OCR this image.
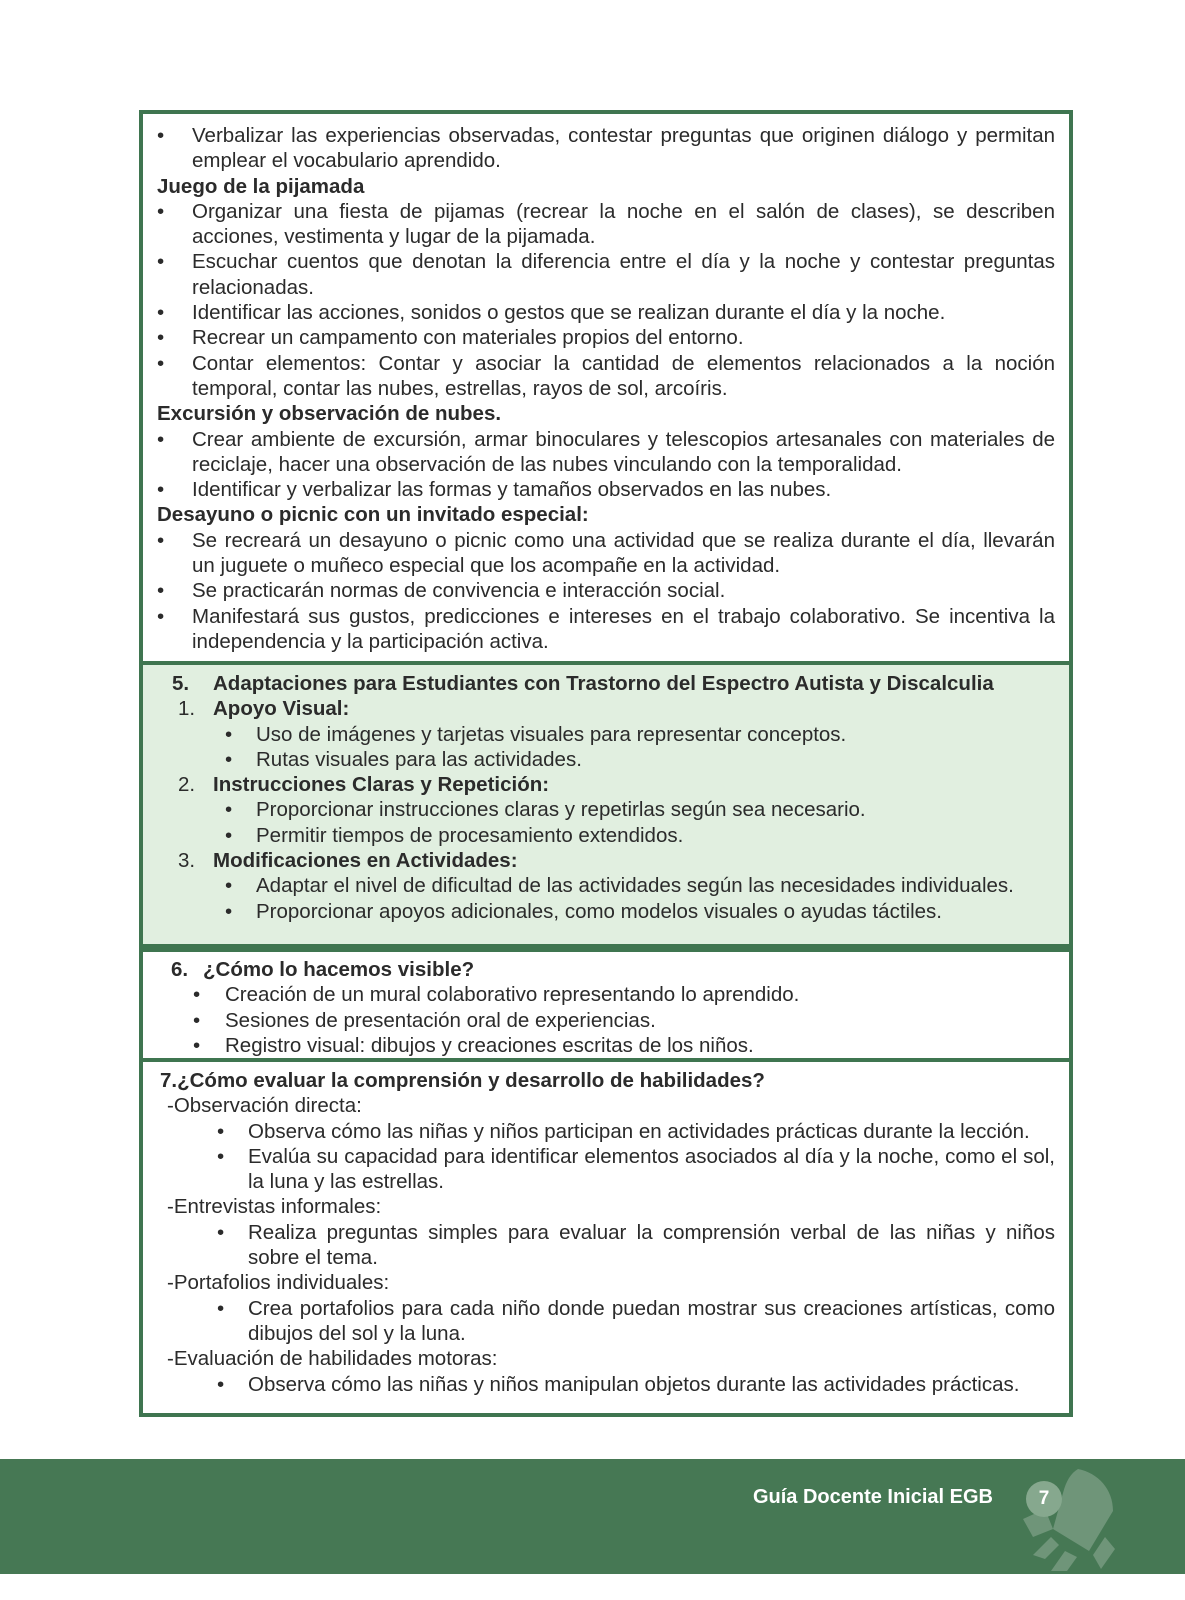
•	Verbalizar las experiencias observadas, contestar preguntas que originen diálogo y permitan emplear el vocabulario aprendido.
Juego de la pijamada
•	Organizar una fiesta de pijamas (recrear la noche en el salón de clases), se describen acciones, vestimenta y lugar de la pijamada.
•	Escuchar cuentos que denotan la diferencia entre el día y la noche y contestar preguntas relacionadas.
•	Identificar las acciones, sonidos o gestos que se realizan durante el día y la noche.
•	Recrear un campamento con materiales propios del entorno.
•	Contar elementos: Contar y asociar la cantidad de elementos relacionados a la noción temporal, contar las nubes, estrellas, rayos de sol, arcoíris.
Excursión y observación de nubes.
•	Crear ambiente de excursión, armar binoculares y telescopios artesanales con materiales de reciclaje, hacer una observación de las nubes vinculando con la temporalidad.
•	Identificar y verbalizar las formas y tamaños observados en las nubes.
Desayuno o picnic con un invitado especial:
•	Se recreará un desayuno o picnic como una actividad que se realiza durante el día, llevarán un juguete o muñeco especial que los acompañe en la actividad.
•	Se practicarán normas de convivencia e interacción social.
•	Manifestará sus gustos, predicciones e intereses en el trabajo colaborativo. Se incentiva la independencia y la participación activa.
5. Adaptaciones para Estudiantes con Trastorno del Espectro Autista y Discalculia
1. Apoyo Visual:
• Uso de imágenes y tarjetas visuales para representar conceptos.
• Rutas visuales para las actividades.
2. Instrucciones Claras y Repetición:
• Proporcionar instrucciones claras y repetirlas según sea necesario.
• Permitir tiempos de procesamiento extendidos.
3. Modificaciones en Actividades:
• Adaptar el nivel de dificultad de las actividades según las necesidades individuales.
• Proporcionar apoyos adicionales, como modelos visuales o ayudas táctiles.
6. ¿Cómo lo hacemos visible?
• Creación de un mural colaborativo representando lo aprendido.
• Sesiones de presentación oral de experiencias.
• Registro visual: dibujos y creaciones escritas de los niños.
7.¿Cómo evaluar la comprensión y desarrollo de habilidades?
-Observación directa:
• Observa cómo las niñas y niños participan en actividades prácticas durante la lección.
• Evalúa su capacidad para identificar elementos asociados al día y la noche, como el sol, la luna y las estrellas.
-Entrevistas informales:
• Realiza preguntas simples para evaluar la comprensión verbal de las niñas y niños sobre el tema.
-Portafolios individuales:
• Crea portafolios para cada niño donde puedan mostrar sus creaciones artísticas, como dibujos del sol y la luna.
-Evaluación de habilidades motoras:
• Observa cómo las niñas y niños manipulan objetos durante las actividades prácticas.
Guía Docente Inicial EGB	7
